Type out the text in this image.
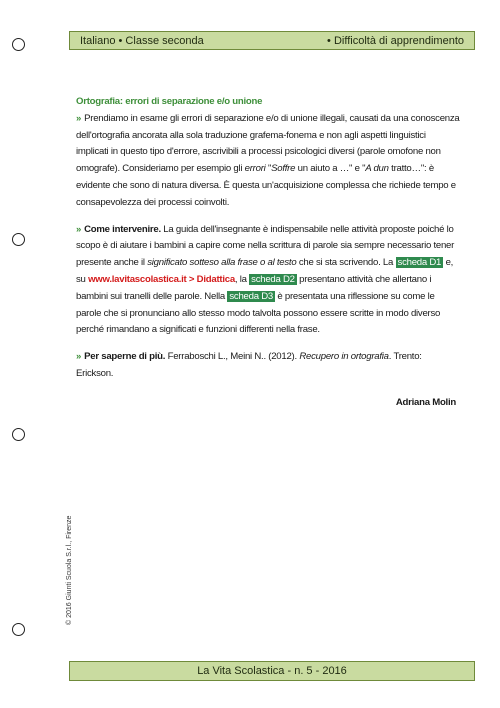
Italiano • Classe seconda	• Difficoltà di apprendimento

Ortografia: errori di separazione e/o unione

» Prendiamo in esame gli errori di separazione e/o di unione illegali, causati da una conoscenza dell'ortografia ancorata alla sola traduzione grafema-fonema e non agli aspetti linguistici implicati in questo tipo d'errore, ascrivibili a processi psicologici diversi (parole omofone non omografe). Consideriamo per esempio gli errori "Soffre un aiuto a …" e "A dun tratto…": è evidente che sono di natura diversa. È questa un'acquisizione complessa che richiede tempo e consapevolezza dei processi coinvolti.

» Come intervenire. La guida dell'insegnante è indispensabile nelle attività proposte poiché lo scopo è di aiutare i bambini a capire come nella scrittura di parole sia sempre necessario tener presente anche il significato sotteso alla frase o al testo che si sta scrivendo. La scheda D1 e, su www.lavitascolastica.it > Didattica, la scheda D2 presentano attività che allertano i bambini sui tranelli delle parole. Nella scheda D3 è presentata una riflessione su come le parole che si pronunciano allo stesso modo talvolta possono essere scritte in modo diverso perché rimandano a significati e funzioni differenti nella frase.

» Per saperne di più. Ferraboschi L., Meini N.. (2012). Recupero in ortografia. Trento: Erickson.

Adriana Molin

© 2016 Giunti Scuola S.r.l., Firenze
La Vita Scolastica - n. 5 - 2016
